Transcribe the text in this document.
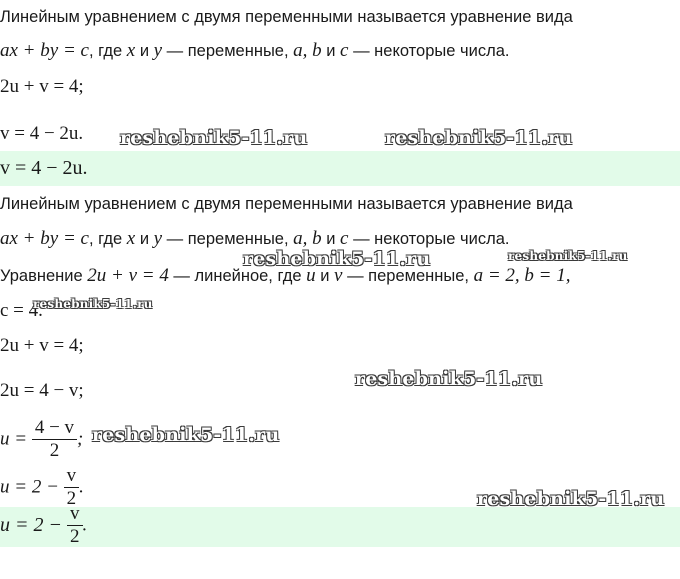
Линейным уравнением с двумя переменными называется уравнение вида
ax + by = c, где x и y — переменные, a, b и c — некоторые числа.
2u + v = 4;
v = 4 − 2u.
v = 4 − 2u.
Линейным уравнением с двумя переменными называется уравнение вида
ax + by = c, где x и y — переменные, a, b и c — некоторые числа.
Уравнение 2u + v = 4 — линейное, где u и v — переменные, a = 2, b = 1,
c = 4.
2u + v = 4;
2u = 4 − v;
$u = \frac{4 - v}{2}$ ;
$u = 2 - \frac{v}{2}$ .
$u = 2 - \frac{v}{2}$ .
reshebnik5-11.ru	reshebnik5-11.ru
reshebnik5-11.ru	reshebnik5-11.ru
reshebnik5-11.ru
reshebnik5-11.ru
reshebnik5-11.ru
reshebnik5-11.ru
